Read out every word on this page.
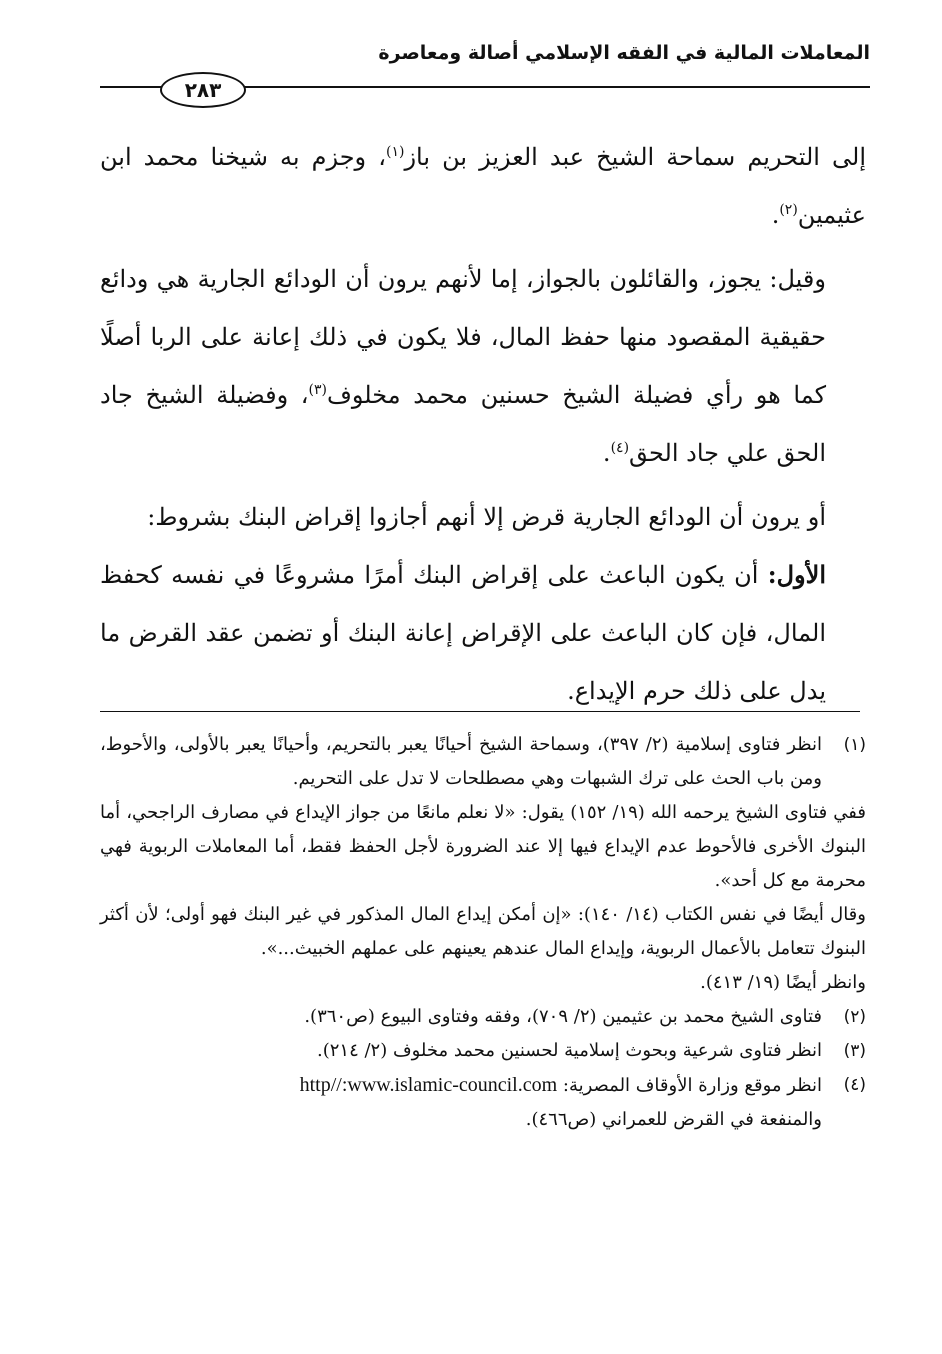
المعاملات المالية في الفقه الإسلامي أصالة ومعاصرة
٢٨٣

إلى التحريم سماحة الشيخ عبد العزيز بن باز$^{(١)}$، وجزم به شيخنا محمد ابن عثيمين$^{(٢)}$.

وقيل: يجوز، والقائلون بالجواز، إما لأنهم يرون أن الودائع الجارية هي ودائع حقيقية المقصود منها حفظ المال، فلا يكون في ذلك إعانة على الربا أصلًا كما هو رأي فضيلة الشيخ حسنين محمد مخلوف$^{(٣)}$، وفضيلة الشيخ جاد الحق علي جاد الحق$^{(٤)}$.

أو يرون أن الودائع الجارية قرض إلا أنهم أجازوا إقراض البنك بشروط:

الأول: أن يكون الباعث على إقراض البنك أمرًا مشروعًا في نفسه كحفظ المال، فإن كان الباعث على الإقراض إعانة البنك أو تضمن عقد القرض ما يدل على ذلك حرم الإيداع.

(١)
انظر فتاوى إسلامية (٢/ ٣٩٧)، وسماحة الشيخ أحيانًا يعبر بالتحريم، وأحيانًا يعبر بالأولى، والأحوط، ومن باب الحث على ترك الشبهات وهي مصطلحات لا تدل على التحريم.
ففي فتاوى الشيخ يرحمه الله (١٩/ ١٥٢) يقول: «لا نعلم مانعًا من جواز الإيداع في مصارف الراجحي، أما البنوك الأخرى فالأحوط عدم الإيداع فيها إلا عند الضرورة لأجل الحفظ فقط، أما المعاملات الربوية فهي محرمة مع كل أحد».
وقال أيضًا في نفس الكتاب (١٤/ ١٤٠): «إن أمكن إيداع المال المذكور في غير البنك فهو أولى؛ لأن أكثر البنوك تتعامل بالأعمال الربوية، وإيداع المال عندهم يعينهم على عملهم الخبيث...».
وانظر أيضًا (١٩/ ٤١٣).
(٢)
فتاوى الشيخ محمد بن عثيمين (٢/ ٧٠٩)، وفقه وفتاوى البيوع (ص٣٦٠).
(٣)
انظر فتاوى شرعية وبحوث إسلامية لحسنين محمد مخلوف (٢/ ٢١٤).
(٤)
انظر موقع وزارة الأوقاف المصرية: http//:www.islamic-council.com
والمنفعة في القرض للعمراني (ص٤٦٦).
